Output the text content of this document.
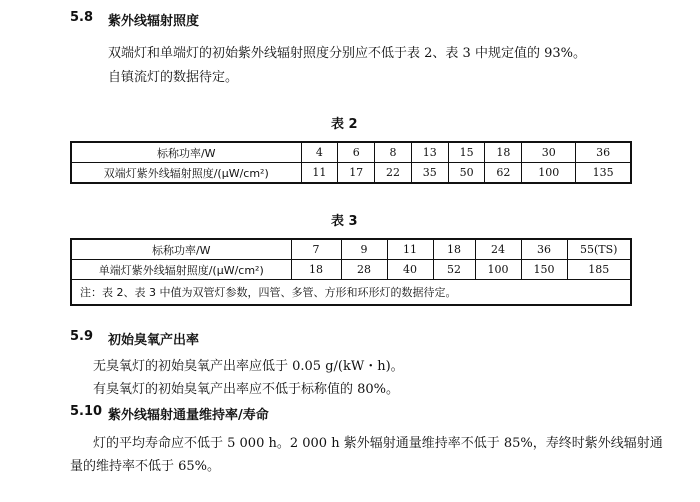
5.8 紫外线辐射照度
双端灯和单端灯的初始紫外线辐射照度分别应不低于表 2、表 3 中规定值的 93%。
自镇流灯的数据待定。
表 2
标称功率/W	4	6	8	13	15	18	30	36
双端灯紫外线辐射照度/(μW/cm²)	11	17	22	35	50	62	100	135
表 3
标称功率/W	7	9	11	18	24	36	55(TS)
单端灯紫外线辐射照度/(μW/cm²)	18	28	40	52	100	150	185
注：表 2、表 3 中值为双管灯参数，四管、多管、方形和环形灯的数据待定。							
5.9 初始臭氧产出率
无臭氧灯的初始臭氧产出率应低于 0.05 g/(kW・h)。
有臭氧灯的初始臭氧产出率应不低于标称值的 80%。
5.10 紫外线辐射通量维持率/寿命
灯的平均寿命应不低于 5 000 h。2 000 h 紫外辐射通量维持率不低于 85%，寿终时紫外线辐射通
量的维持率不低于 65%。
